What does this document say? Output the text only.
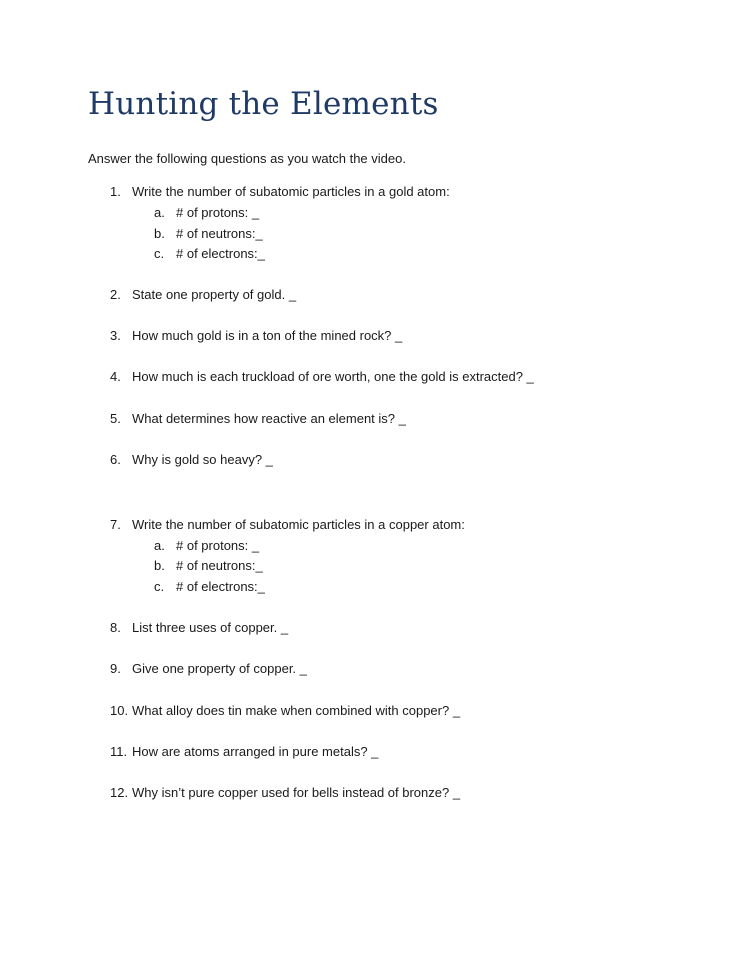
Hunting the Elements
Answer the following questions as you watch the video.
1. Write the number of subatomic particles in a gold atom:
a. # of protons: _
b. # of neutrons:_
c. # of electrons:_
2. State one property of gold. _
3. How much gold is in a ton of the mined rock? _
4. How much is each truckload of ore worth, one the gold is extracted? _
5. What determines how reactive an element is? _
6. Why is gold so heavy? _
7. Write the number of subatomic particles in a copper atom:
a. # of protons: _
b. # of neutrons:_
c. # of electrons:_
8. List three uses of copper. _
9. Give one property of copper. _
10. What alloy does tin make when combined with copper? _
11. How are atoms arranged in pure metals? _
12. Why isn’t pure copper used for bells instead of bronze? _
